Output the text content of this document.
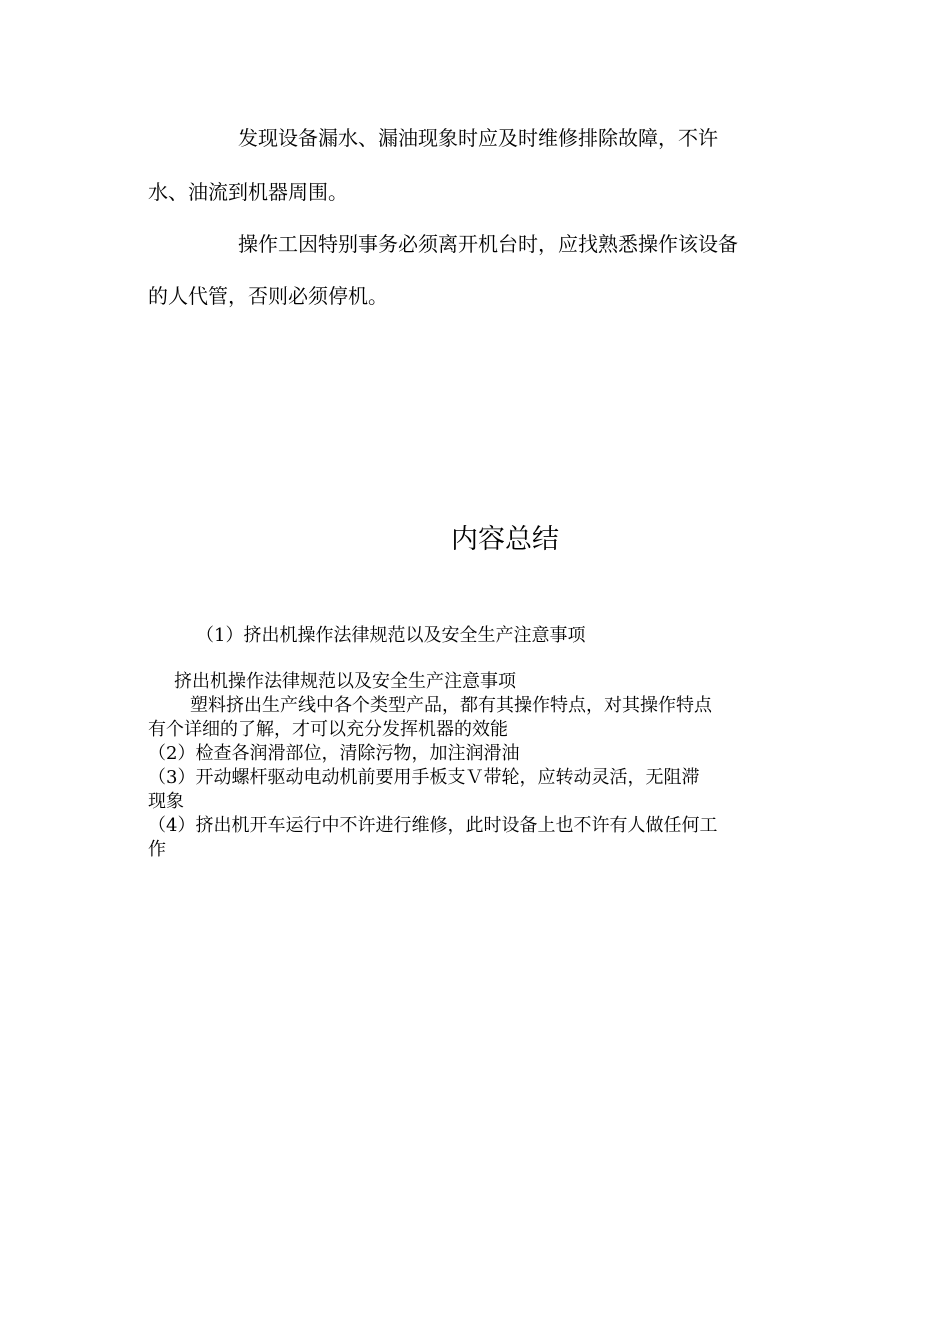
发现设备漏水、漏油现象时应及时维修排除故障，不许
水、油流到机器周围。
操作工因特别事务必须离开机台时，应找熟悉操作该设备
的人代管，否则必须停机。
内容总结
（1）挤出机操作法律规范以及安全生产注意事项
挤出机操作法律规范以及安全生产注意事项
塑料挤出生产线中各个类型产品，都有其操作特点，对其操作特点
有个详细的了解，才可以充分发挥机器的效能
（2）检查各润滑部位，清除污物，加注润滑油
（3）开动螺杆驱动电动机前要用手板支Ｖ带轮，应转动灵活，无阻滞
现象
（4）挤出机开车运行中不许进行维修，此时设备上也不许有人做任何工
作
